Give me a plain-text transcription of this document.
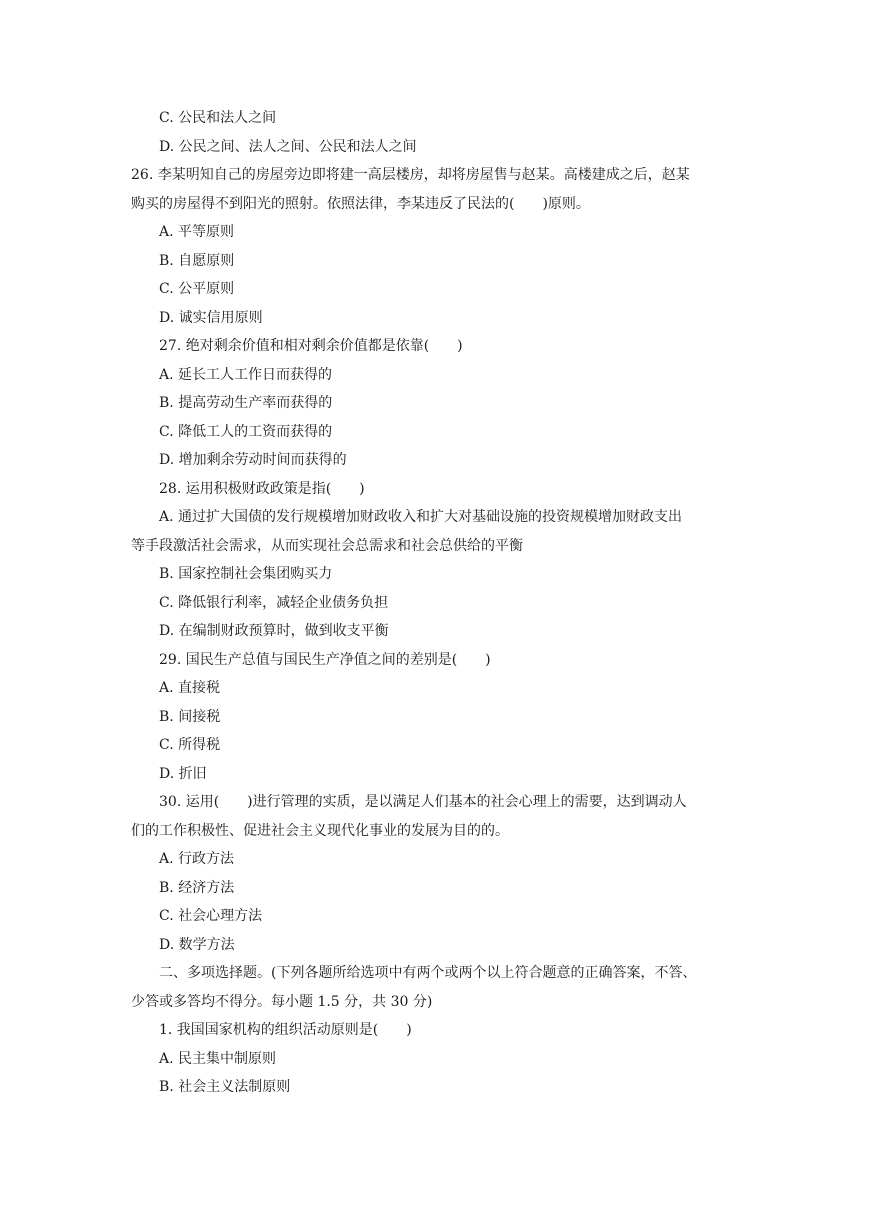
C. 公民和法人之间
D. 公民之间、法人之间、公民和法人之间
26. 李某明知自己的房屋旁边即将建一高层楼房，却将房屋售与赵某。高楼建成之后，赵某
购买的房屋得不到阳光的照射。依照法律，李某违反了民法的(　　)原则。
A. 平等原则
B. 自愿原则
C. 公平原则
D. 诚实信用原则
27. 绝对剩余价值和相对剩余价值都是依靠(　　)
A. 延长工人工作日而获得的
B. 提高劳动生产率而获得的
C. 降低工人的工资而获得的
D. 增加剩余劳动时间而获得的
28. 运用积极财政政策是指(　　)
A. 通过扩大国债的发行规模增加财政收入和扩大对基础设施的投资规模增加财政支出
等手段激活社会需求，从而实现社会总需求和社会总供给的平衡
B. 国家控制社会集团购买力
C. 降低银行利率，减轻企业债务负担
D. 在编制财政预算时，做到收支平衡
29. 国民生产总值与国民生产净值之间的差别是(　　)
A. 直接税
B. 间接税
C. 所得税
D. 折旧
30. 运用(　　)进行管理的实质，是以满足人们基本的社会心理上的需要，达到调动人
们的工作积极性、促进社会主义现代化事业的发展为目的的。
A. 行政方法
B. 经济方法
C. 社会心理方法
D. 数学方法
二、多项选择题。(下列各题所给选项中有两个或两个以上符合题意的正确答案，不答、
少答或多答均不得分。每小题 1.5 分，共 30 分)
1. 我国国家机构的组织活动原则是(　　)
A. 民主集中制原则
B. 社会主义法制原则
